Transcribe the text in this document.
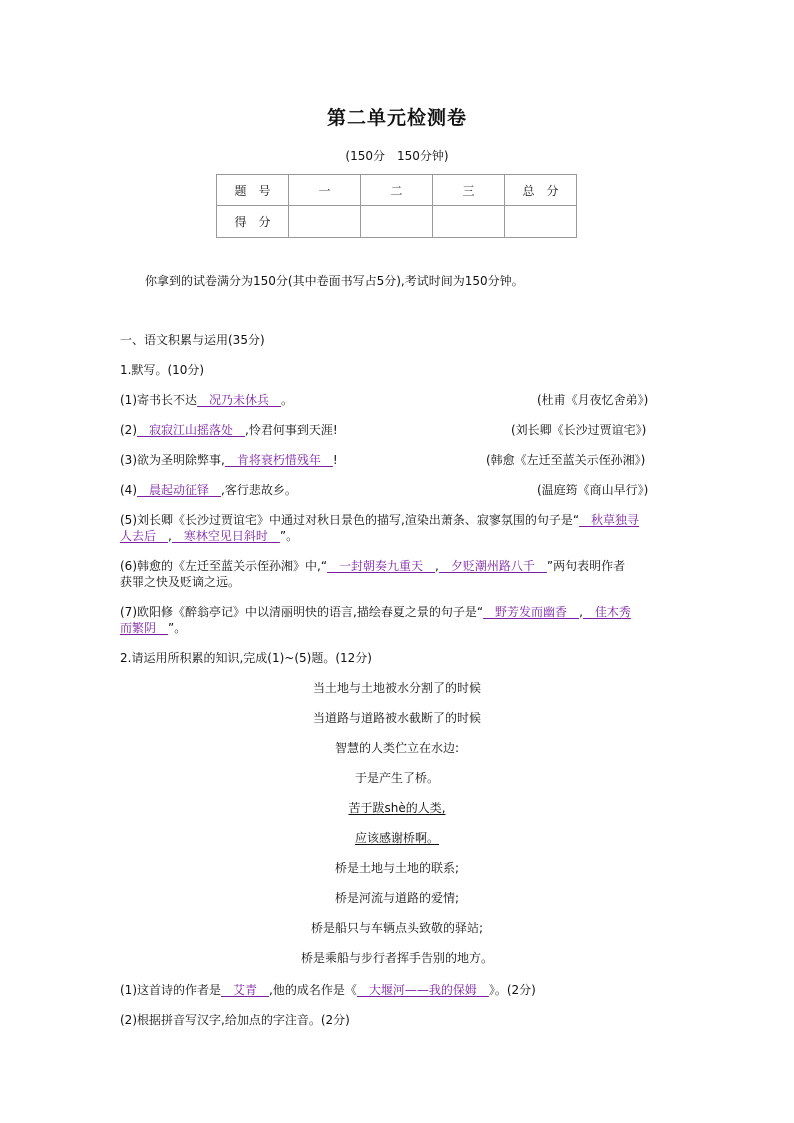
第二单元检测卷
(150分　150分钟)
题　号	一	二	三	总　分
得　分				
你拿到的试卷满分为150分(其中卷面书写占5分),考试时间为150分钟。
一、语文积累与运用(35分)
1.默写。(10分)
(1)寄书长不达　况乃未休兵　。	(杜甫《月夜忆舍弟》)
(2)　寂寂江山摇落处　,怜君何事到天涯!	(刘长卿《长沙过贾谊宅》)
(3)欲为圣明除弊事,　肯将衰朽惜残年　!	(韩愈《左迁至蓝关示侄孙湘》)
(4)　晨起动征铎　,客行悲故乡。	(温庭筠《商山早行》)
(5)刘长卿《长沙过贾谊宅》中通过对秋日景色的描写,渲染出萧条、寂寥氛围的句子是“　秋草独寻
人去后　,　寒林空见日斜时　”。
(6)韩愈的《左迁至蓝关示侄孙湘》中,“　一封朝奏九重天　,　夕贬潮州路八千　”两句表明作者
获罪之快及贬谪之远。
(7)欧阳修《醉翁亭记》中以清丽明快的语言,描绘春夏之景的句子是“　野芳发而幽香　,　佳木秀
而繁阴　”。
2.请运用所积累的知识,完成(1)~(5)题。(12分)
当土地与土地被水分割了的时候
当道路与道路被水截断了的时候
智慧的人类伫立在水边:
于是产生了桥。
苦于跋shè的人类,
应该感谢桥啊。
桥是土地与土地的联系;
桥是河流与道路的爱情;
桥是船只与车辆点头致敬的驿站;
桥是乘船与步行者挥手告别的地方。
(1)这首诗的作者是　艾青　,他的成名作是《　大堰河——我的保姆　》。(2分)
(2)根据拼音写汉字,给加点的字注音。(2分)
